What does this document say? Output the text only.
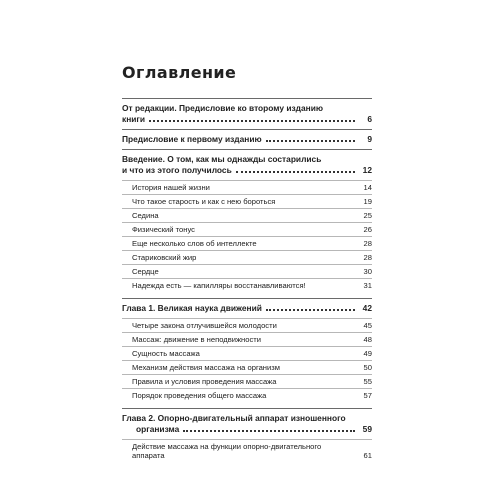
Оглавление
От редакции. Предисловие ко второму изданию
книги	6
Предисловие к первому изданию	9
Введение. О том, как мы однажды состарились
и что из этого получилось	12
История нашей жизни	14
Что такое старость и как с нею бороться	19
Седина	25
Физический тонус	26
Еще несколько слов об интеллекте	28
Стариковский жир	28
Сердце	30
Надежда есть — капилляры восстанавливаются!	31
Глава 1. Великая наука движений	42
Четыре закона отлучившейся молодости	45
Массаж: движение в неподвижности	48
Сущность массажа	49
Механизм действия массажа на организм	50
Правила и условия проведения массажа	55
Порядок проведения общего массажа	57
Глава 2. Опорно-двигательный аппарат изношенного
организма	59
Действие массажа на функции опорно-двигательного
аппарата	61
